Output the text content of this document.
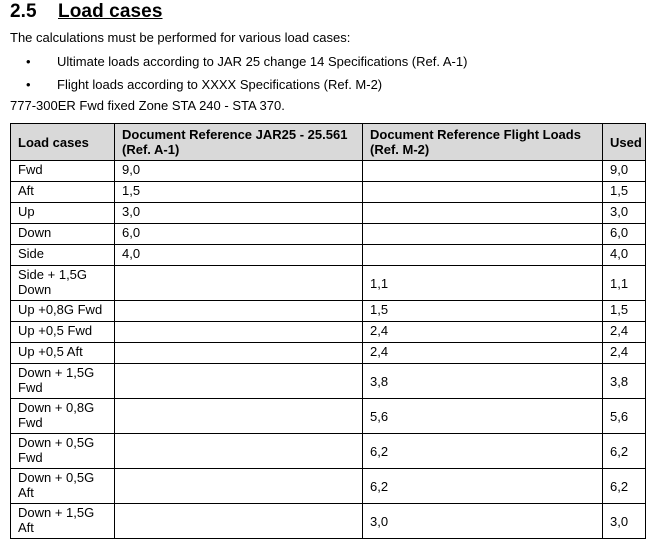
2.5 Load cases
The calculations must be performed for various load cases:
• Ultimate loads according to JAR 25 change 14 Specifications (Ref. A-1)
• Flight loads according to XXXX Specifications (Ref. M-2)
777-300ER Fwd fixed Zone STA 240 - STA 370.
Load cases	Document Reference JAR25 - 25.561 (Ref. A-1)	Document Reference Flight Loads (Ref. M-2)	Used
Fwd	9,0		9,0
Aft	1,5		1,5
Up	3,0		3,0
Down	6,0		6,0
Side	4,0		4,0
Side + 1,5G Down		1,1	1,1
Up +0,8G Fwd		1,5	1,5
Up +0,5 Fwd		2,4	2,4
Up +0,5 Aft		2,4	2,4
Down + 1,5G Fwd		3,8	3,8
Down + 0,8G Fwd		5,6	5,6
Down + 0,5G Fwd		6,2	6,2
Down + 0,5G Aft		6,2	6,2
Down + 1,5G Aft		3,0	3,0
